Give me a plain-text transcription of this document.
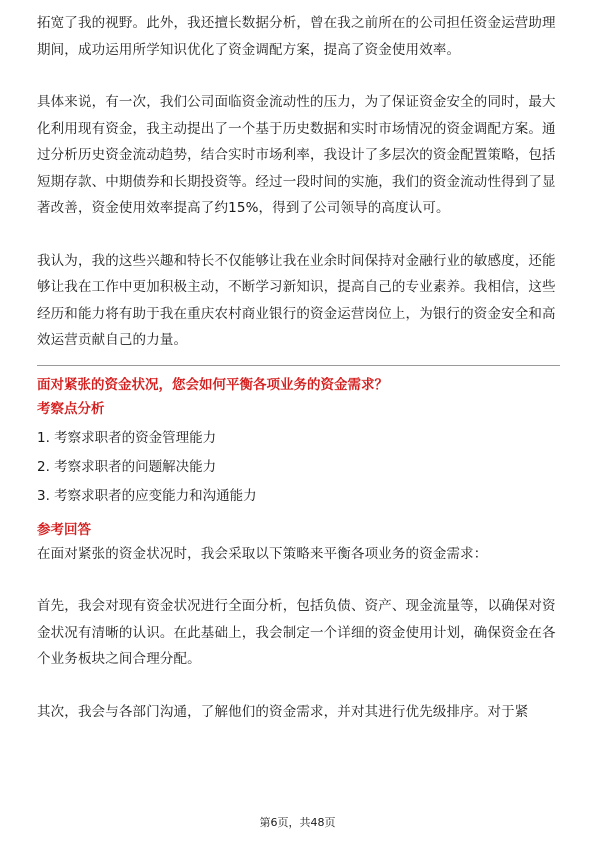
拓宽了我的视野。此外，我还擅长数据分析，曾在我之前所在的公司担任资金运营助理期间，成功运用所学知识优化了资金调配方案，提高了资金使用效率。

具体来说，有一次，我们公司面临资金流动性的压力，为了保证资金安全的同时，最大化利用现有资金，我主动提出了一个基于历史数据和实时市场情况的资金调配方案。通过分析历史资金流动趋势，结合实时市场利率，我设计了多层次的资金配置策略，包括短期存款、中期债券和长期投资等。经过一段时间的实施，我们的资金流动性得到了显著改善，资金使用效率提高了约15%，得到了公司领导的高度认可。

我认为，我的这些兴趣和特长不仅能够让我在业余时间保持对金融行业的敏感度，还能够让我在工作中更加积极主动，不断学习新知识，提高自己的专业素养。我相信，这些经历和能力将有助于我在重庆农村商业银行的资金运营岗位上，为银行的资金安全和高效运营贡献自己的力量。

面对紧张的资金状况，您会如何平衡各项业务的资金需求？

考察点分析

1. 考察求职者的资金管理能力
2. 考察求职者的问题解决能力
3. 考察求职者的应变能力和沟通能力

参考回答

在面对紧张的资金状况时，我会采取以下策略来平衡各项业务的资金需求：

首先，我会对现有资金状况进行全面分析，包括负债、资产、现金流量等，以确保对资金状况有清晰的认识。在此基础上，我会制定一个详细的资金使用计划，确保资金在各个业务板块之间合理分配。

其次，我会与各部门沟通，了解他们的资金需求，并对其进行优先级排序。对于紧

第6页，共48页
